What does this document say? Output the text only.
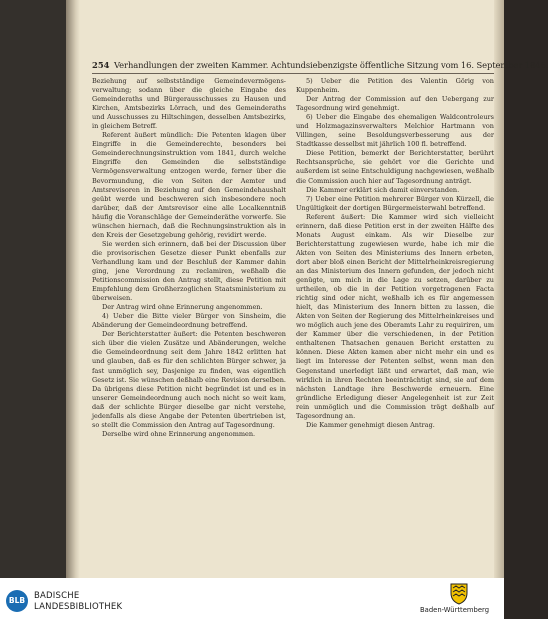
254 Verhandlungen der zweiten Kammer. Achtundsiebenzigste öffentliche Sitzung vom 16. September 1846.

Beziehung auf selbstständige Gemeindevermögens-verwaltung; sodann über die gleiche Eingabe des Gemeinderaths und Bürgerausschusses zu Hausen und Kirchen, Amtsbezirks Lörrach, und des Gemeinderaths und Ausschusses zu Hiltschingen, desselben Amtsbezirks, in gleichem Betreff.

Referent äußert mündlich: Die Petenten klagen über Eingriffe in die Gemeinderechte, besonders bei Gemeinderechnungsinstruktion vom 1841, durch welche Eingriffe den Gemeinden die selbstständige Vermögensverwaltung entzogen werde, ferner über die Bevormundung, die von Seiten der Aemter und Amtsrevisoren in Beziehung auf den Gemeindehaushalt geübt werde und beschweren sich insbesondere noch darüber, daß der Amtsrevisor eine alle Localkenntniß häufig die Voranschläge der Gemeinderäthe vorwerfe. Sie wünschen hiernach, daß die Rechnungsinstruktion als in den Kreis der Gesetzgebung gehörig, revidirt werde.

Sie werden sich erinnern, daß bei der Discussion über die provisorischen Gesetze dieser Punkt ebenfalls zur Verhandlung kam und der Beschluß der Kammer dahin ging, jene Verordnung zu reclamiren, weßhalb die Petitionscommission den Antrag stellt, diese Petition mit Empfehlung dem Großherzoglichen Staatsministerium zu überweisen.

Der Antrag wird ohne Erinnerung angenommen.

4) Ueber die Bitte vieler Bürger von Sinsheim, die Abänderung der Gemeindeordnung betreffend.

Der Berichterstatter äußert: die Petenten beschweren sich über die vielen Zusätze und Abänderungen, welche die Gemeindeordnung seit dem Jahre 1842 erlitten hat und glauben, daß es für den schlichten Bürger schwer, ja fast unmöglich sey, Dasjenige zu finden, was eigentlich Gesetz ist. Sie wünschen deßhalb eine Revision derselben. Da übrigens diese Petition nicht begründet ist und es in unserer Gemeindeordnung auch noch nicht so weit kam, daß der schlichte Bürger dieselbe gar nicht verstehe, jedenfalls als diese Angabe der Petenten übertrieben ist, so stellt die Commission den Antrag auf Tagesordnung.

Derselbe wird ohne Erinnerung angenommen.

5) Ueber die Petition des Valentin Görig von Kuppenheim.

Der Antrag der Commission auf den Uebergang zur Tagesordnung wird genehmigt.

6) Ueber die Eingabe des ehemaligen Waldcontroleurs und Holzmagazinsverwalters Melchior Hartmann von Villingen, seine Besoldungsverbesserung aus der Stadtkasse desselbst mit jährlich 100 fl. betreffend.

Diese Petition, bemerkt der Berichterstatter, berührt Rechtsansprüche, sie gehört vor die Gerichte und außerdem ist seine Entschuldigung nachgewiesen, weßhalb die Commission auch hier auf Tagesordnung anträgt.

Die Kammer erklärt sich damit einverstanden.

7) Ueber eine Petition mehrerer Bürger von Kürzell, die Ungültigkeit der dortigen Bürgermeisterwahl betreffend.

Referent äußert: Die Kammer wird sich vielleicht erinnern, daß diese Petition erst in der zweiten Hälfte des Monats August einkam. Als wir Dieselbe zur Berichterstattung zugewiesen wurde, habe ich mir die Akten von Seiten des Ministeriums des Innern erbeten, dort aber bloß einen Bericht der Mittelrheinkreisregierung an das Ministerium des Innern gefunden, der jedoch nicht genügte, um mich in die Lage zu setzen, darüber zu urtheilen, ob die in der Petition vorgetragenen Facta richtig sind oder nicht, weßhalb ich es für angemessen hielt, das Ministerium des Innern bitten zu lassen, die Akten von Seiten der Regierung des Mittelrheinkreises und wo möglich auch jene des Oberamts Lahr zu requiriren, um der Kammer über die verschiedenen, in der Petition enthaltenen Thatsachen genauen Bericht erstatten zu können. Diese Akten kamen aber nicht mehr ein und es liegt im Interesse der Petenten selbst, wenn man den Gegenstand unerledigt läßt und erwartet, daß man, wie wirklich in ihren Rechten beeinträchtigt sind, sie auf dem nächsten Landtage ihre Beschwerde erneuern. Eine gründliche Erledigung dieser Angelegenheit ist zur Zeit rein unmöglich und die Commission trägt deßhalb auf Tagesordnung an.

Die Kammer genehmigt diesen Antrag.

BLB	BADISCHE
LANDESBIBLIOTHEK	Baden-Württemberg
